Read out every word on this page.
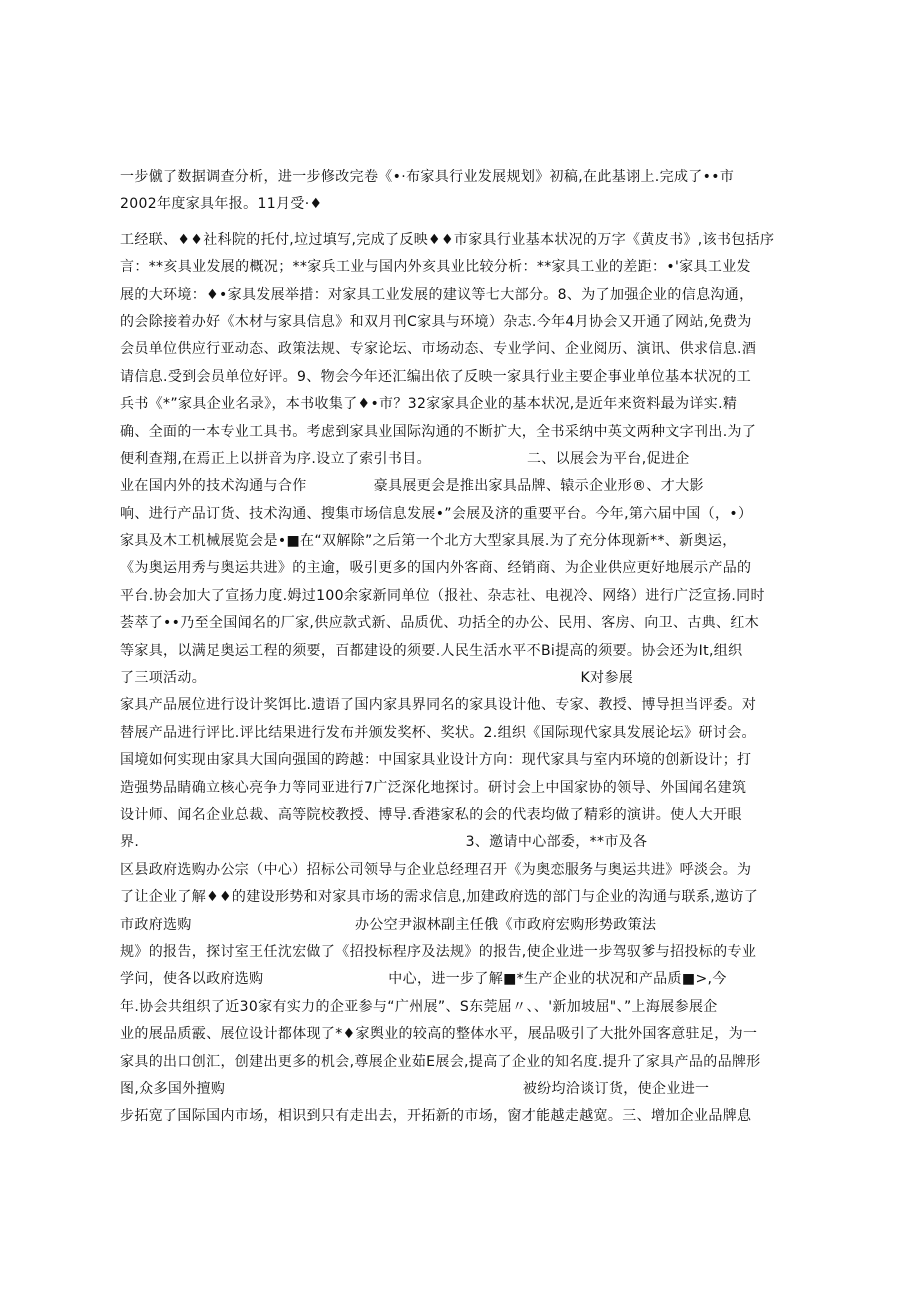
一步僦了数据调查分析，进一步修改完卷《•·布家具行业发展规划》初稿,在此基诩上.完成了••市
2002年度家具年报。11月受·♦
工经联、♦♦社科院的托付,垃过填写,完成了反映♦♦市家具行业基本状况的万字《黄皮书》,该书包括序
言：**亥具业发展的概况；**家兵工业与国内外亥具业比较分析：**家具工业的差距：•'家具工业发
展的大环境：♦•家具发展举措：对家具工业发展的建议等七大部分。8、为了加强企业的信息沟通，
的会除接着办好《木材与家具信息》和双月刊C家具与环境）杂志.今年4月协会又开通了网站,免费为
会员单位供应行亚动态、政策法规、专家论坛、市场动态、专业学问、企业阅历、演讯、供求信息.酒
请信息.受到会员单位好评。9、物会今年还汇编出依了反映一家具行业主要企事业单位基本状况的工
兵书《*”家具企业名录》，本书收集了♦•市？32家家具企业的基本状况,是近年来资料最为详实.精
确、全面的一本专业工具书。考虑到家具业国际沟通的不断扩大，全书采纳中英文两种文字刊出.为了
便利查翔,在焉正上以拼音为序.设立了索引书目。                    二、以展会为平台,促进企
业在国内外的技术沟通与合作              豪具展更会是推出家具品牌、辕示企业形®、才大影
响、进行产品订货、技术沟通、搜集市场信息发展•”会展及济的重要平台。今年,第六届中国（，•）
家具及木工机械展览会是•■在“双解除”之后第一个北方大型家具展.为了充分体现新**、新奥运，
《为奥运用秀与奥运共进》的主逾，吸引更多的国内外客商、经销商、为企业供应更好地展示产品的
平台.协会加大了宣扬力度.姆过100余家新同单位（报社、杂志社、电视冷、网络）进行广泛宣扬.同时
荟萃了••乃至全国闻名的厂家,供应款式新、品质优、功括全的办公、民用、客房、向卫、古典、红木
等家具，以满足奥运工程的须要，百都建设的须要.人民生活水平不Bi提高的须要。协会还为It,组织
了三项活动。                                                                              K对参展
家具产品展位进行设计奖饵比.遗语了国内家具界同名的家具设计他、专家、教授、博导担当评委。对
替展产品进行评比.评比结果进行发布并颁发奖杯、奖状。2.组织《国际现代家具发展论坛》研讨会。
国境如何实现由家具大国向强国的跨越：中国家具业设计方向：现代家具与室内环境的创新设计；打
造强势品睛确立核心亮争力等同亚进行7广泛深化地探讨。研讨会上中国家协的领导、外国闻名建筑
设计师、闻名企业总裁、高等院校教授、博导.香港家私的会的代表均做了精彩的演讲。使人大开眼
界.                                                                    3、邀请中心部委，**市及各
区县政府选购办公宗（中心）招标公司领导与企业总经理召开《为奥恋服务与奥运共进》呼淡会。为
了让企业了解♦♦的建设形势和对家具市场的需求信息,加建政府选的部门与企业的沟通与联系,遨访了
市政府选购                                  办公空尹淑林副主任俄《市政府宏购形势政策法
规》的报告，探讨室王任沈宏做了《招投标程序及法规》的报告,使企业进一步驾驭爹与招投标的专业
学问，使各以政府选购                          中心，进一步了解■*生产企业的状况和产品质■>,今
年.协会共组织了近30家有实力的企亚参与“广州展”、S东莞屈〃、、'新加坡屈"、”上海展参展企
业的展品质霰、展位设计都体现了*♦家舆业的较高的整体水平，展品吸引了大批外国客意驻足，为一
家具的出口创汇，创建出更多的机会,尊展企业茹E展会,提高了企业的知名度.提升了家具产品的品牌形
图,众多国外擅购                                                              被纷均洽谈订货，使企业进一
步拓宽了国际国内市场，相识到只有走出去，开拓新的市场，窗才能越走越宽。三、增加企业品牌息
